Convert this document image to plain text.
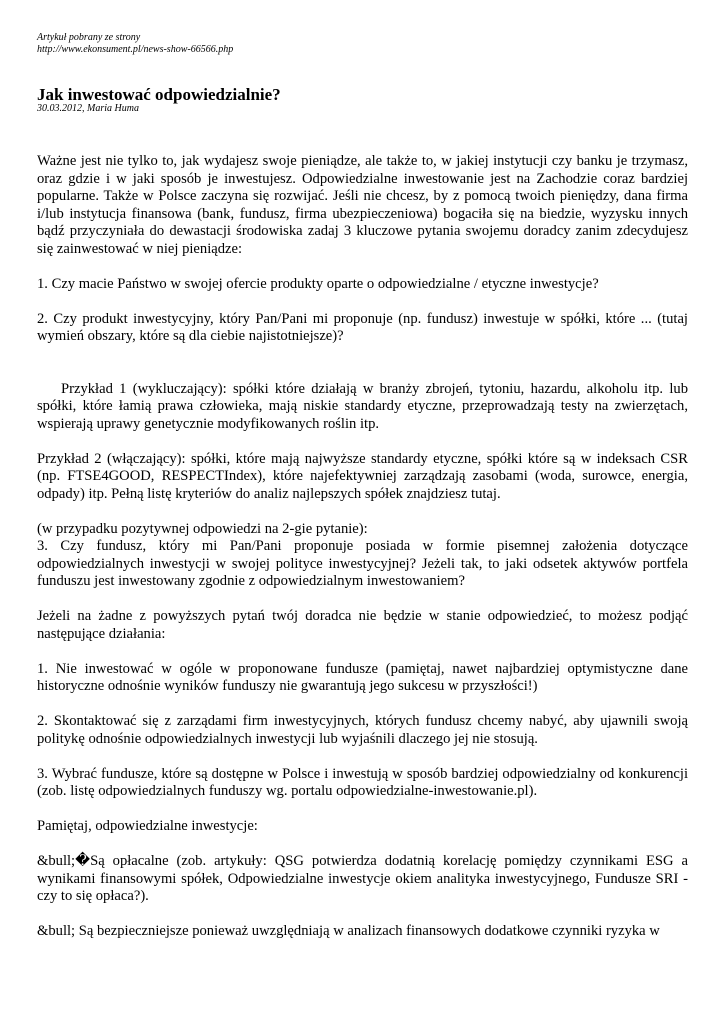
Artykuł pobrany ze strony
http://www.ekonsument.pl/news-show-66566.php
Jak inwestować odpowiedzialnie?
30.03.2012, Maria Huma

Ważne jest nie tylko to, jak wydajesz swoje pieniądze, ale także to, w jakiej instytucji czy banku je trzymasz, oraz gdzie i w jaki sposób je inwestujesz. Odpowiedzialne inwestowanie jest na Zachodzie coraz bardziej popularne. Także w Polsce zaczyna się rozwijać. Jeśli nie chcesz, by z pomocą twoich pieniędzy, dana firma i/lub instytucja finansowa (bank, fundusz, firma ubezpieczeniowa) bogaciła się na biedzie, wyzysku innych bądź przyczyniała do dewastacji środowiska zadaj 3 kluczowe pytania swojemu doradcy zanim zdecydujesz się zainwestować w niej pieniądze:

1. Czy macie Państwo w swojej ofercie produkty oparte o odpowiedzialne / etyczne inwestycje?

2. Czy produkt inwestycyjny, który Pan/Pani mi proponuje (np. fundusz) inwestuje w spółki, które ... (tutaj wymień obszary, które są dla ciebie najistotniejsze)?

Przykład 1 (wykluczający): spółki które działają w branży zbrojeń, tytoniu, hazardu, alkoholu itp. lub spółki, które łamią prawa człowieka, mają niskie standardy etyczne, przeprowadzają testy na zwierzętach, wspierają uprawy genetycznie modyfikowanych roślin itp.

Przykład 2 (włączający): spółki, które mają najwyższe standardy etyczne, spółki które są w indeksach CSR (np. FTSE4GOOD, RESPECTIndex), które najefektywniej zarządzają zasobami (woda, surowce, energia, odpady) itp. Pełną listę kryteriów do analiz najlepszych spółek znajdziesz tutaj.

(w przypadku pozytywnej odpowiedzi na 2-gie pytanie):

3. Czy fundusz, który mi Pan/Pani proponuje posiada w formie pisemnej założenia dotyczące odpowiedzialnych inwestycji w swojej polityce inwestycyjnej? Jeżeli tak, to jaki odsetek aktywów portfela funduszu jest inwestowany zgodnie z odpowiedzialnym inwestowaniem?

Jeżeli na żadne z powyższych pytań twój doradca nie będzie w stanie odpowiedzieć, to możesz podjąć następujące działania:

1. Nie inwestować w ogóle w proponowane fundusze (pamiętaj, nawet najbardziej optymistyczne dane historyczne odnośnie wyników funduszy nie gwarantują jego sukcesu w przyszłości!)

2. Skontaktować się z zarządami firm inwestycyjnych, których fundusz chcemy nabyć, aby ujawnili swoją politykę odnośnie odpowiedzialnych inwestycji lub wyjaśnili dlaczego jej nie stosują.

3. Wybrać fundusze, które są dostępne w Polsce i inwestują w sposób bardziej odpowiedzialny od konkurencji (zob. listę odpowiedzialnych funduszy wg. portalu odpowiedzialne-inwestowanie.pl).

Pamiętaj, odpowiedzialne inwestycje:

&bull;�Są opłacalne (zob. artykuły: QSG potwierdza dodatnią korelację pomiędzy czynnikami ESG a wynikami finansowymi spółek, Odpowiedzialne inwestycje okiem analityka inwestycyjnego, Fundusze SRI - czy to się opłaca?).

&bull; Są bezpieczniejsze ponieważ uwzględniają w analizach finansowych dodatkowe czynniki ryzyka w
